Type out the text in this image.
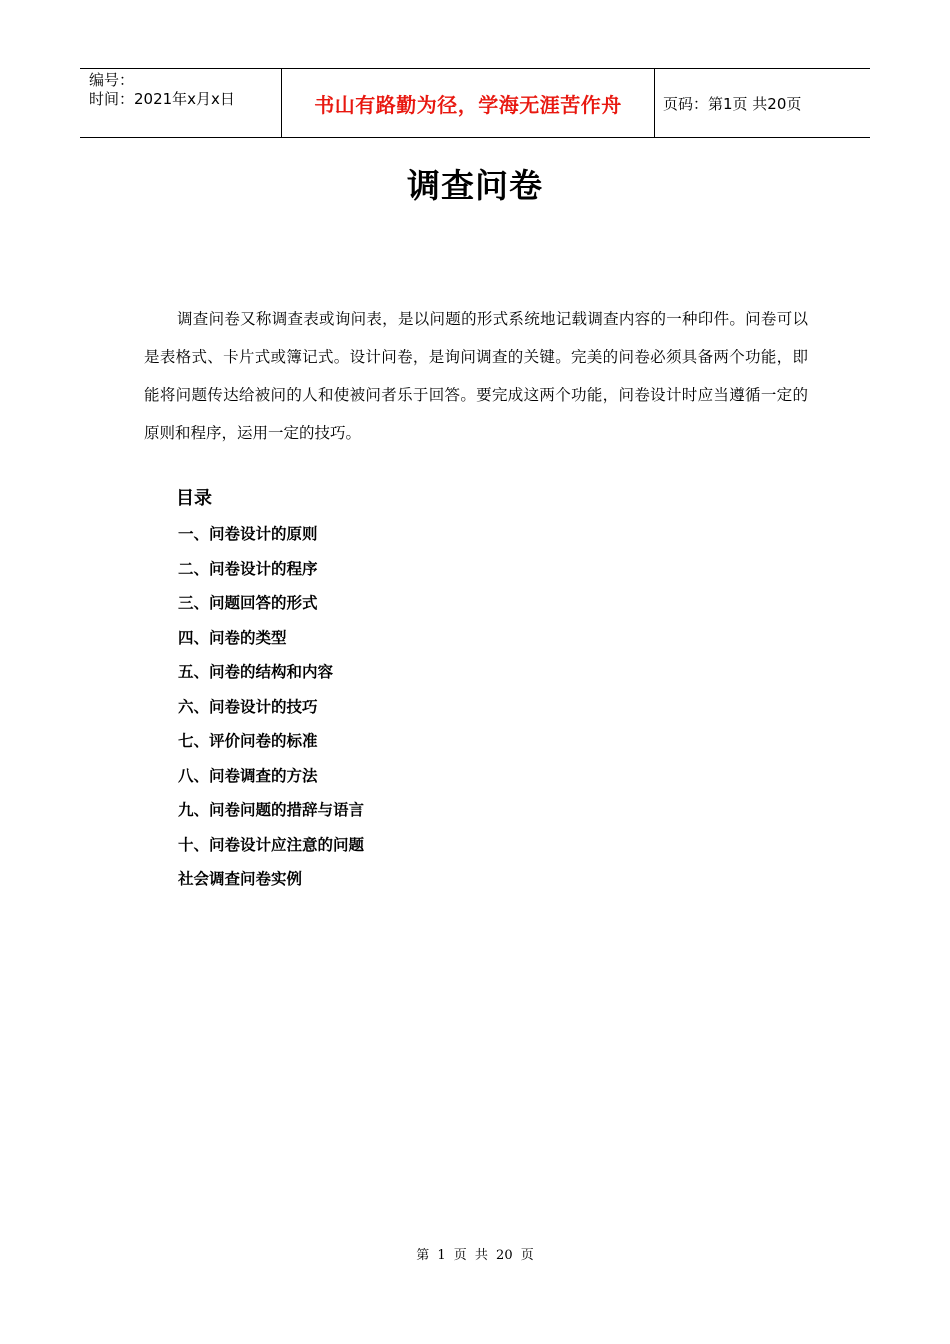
编号：
时间：2021年x月x日	书山有路勤为径，学海无涯苦作舟	页码：第1页 共20页
调查问卷

调查问卷又称调查表或询问表，是以问题的形式系统地记载调查内容的一种印件。问卷可以是表格式、卡片式或簿记式。设计问卷，是询问调查的关键。完美的问卷必须具备两个功能，即能将问题传达给被问的人和使被问者乐于回答。要完成这两个功能，问卷设计时应当遵循一定的原则和程序，运用一定的技巧。

目录
一、问卷设计的原则
二、问卷设计的程序
三、问题回答的形式
四、问卷的类型
五、问卷的结构和内容
六、问卷设计的技巧
七、评价问卷的标准
八、问卷调查的方法
九、问卷问题的措辞与语言
十、问卷设计应注意的问题
社会调查问卷实例
第 1 页 共 20 页
